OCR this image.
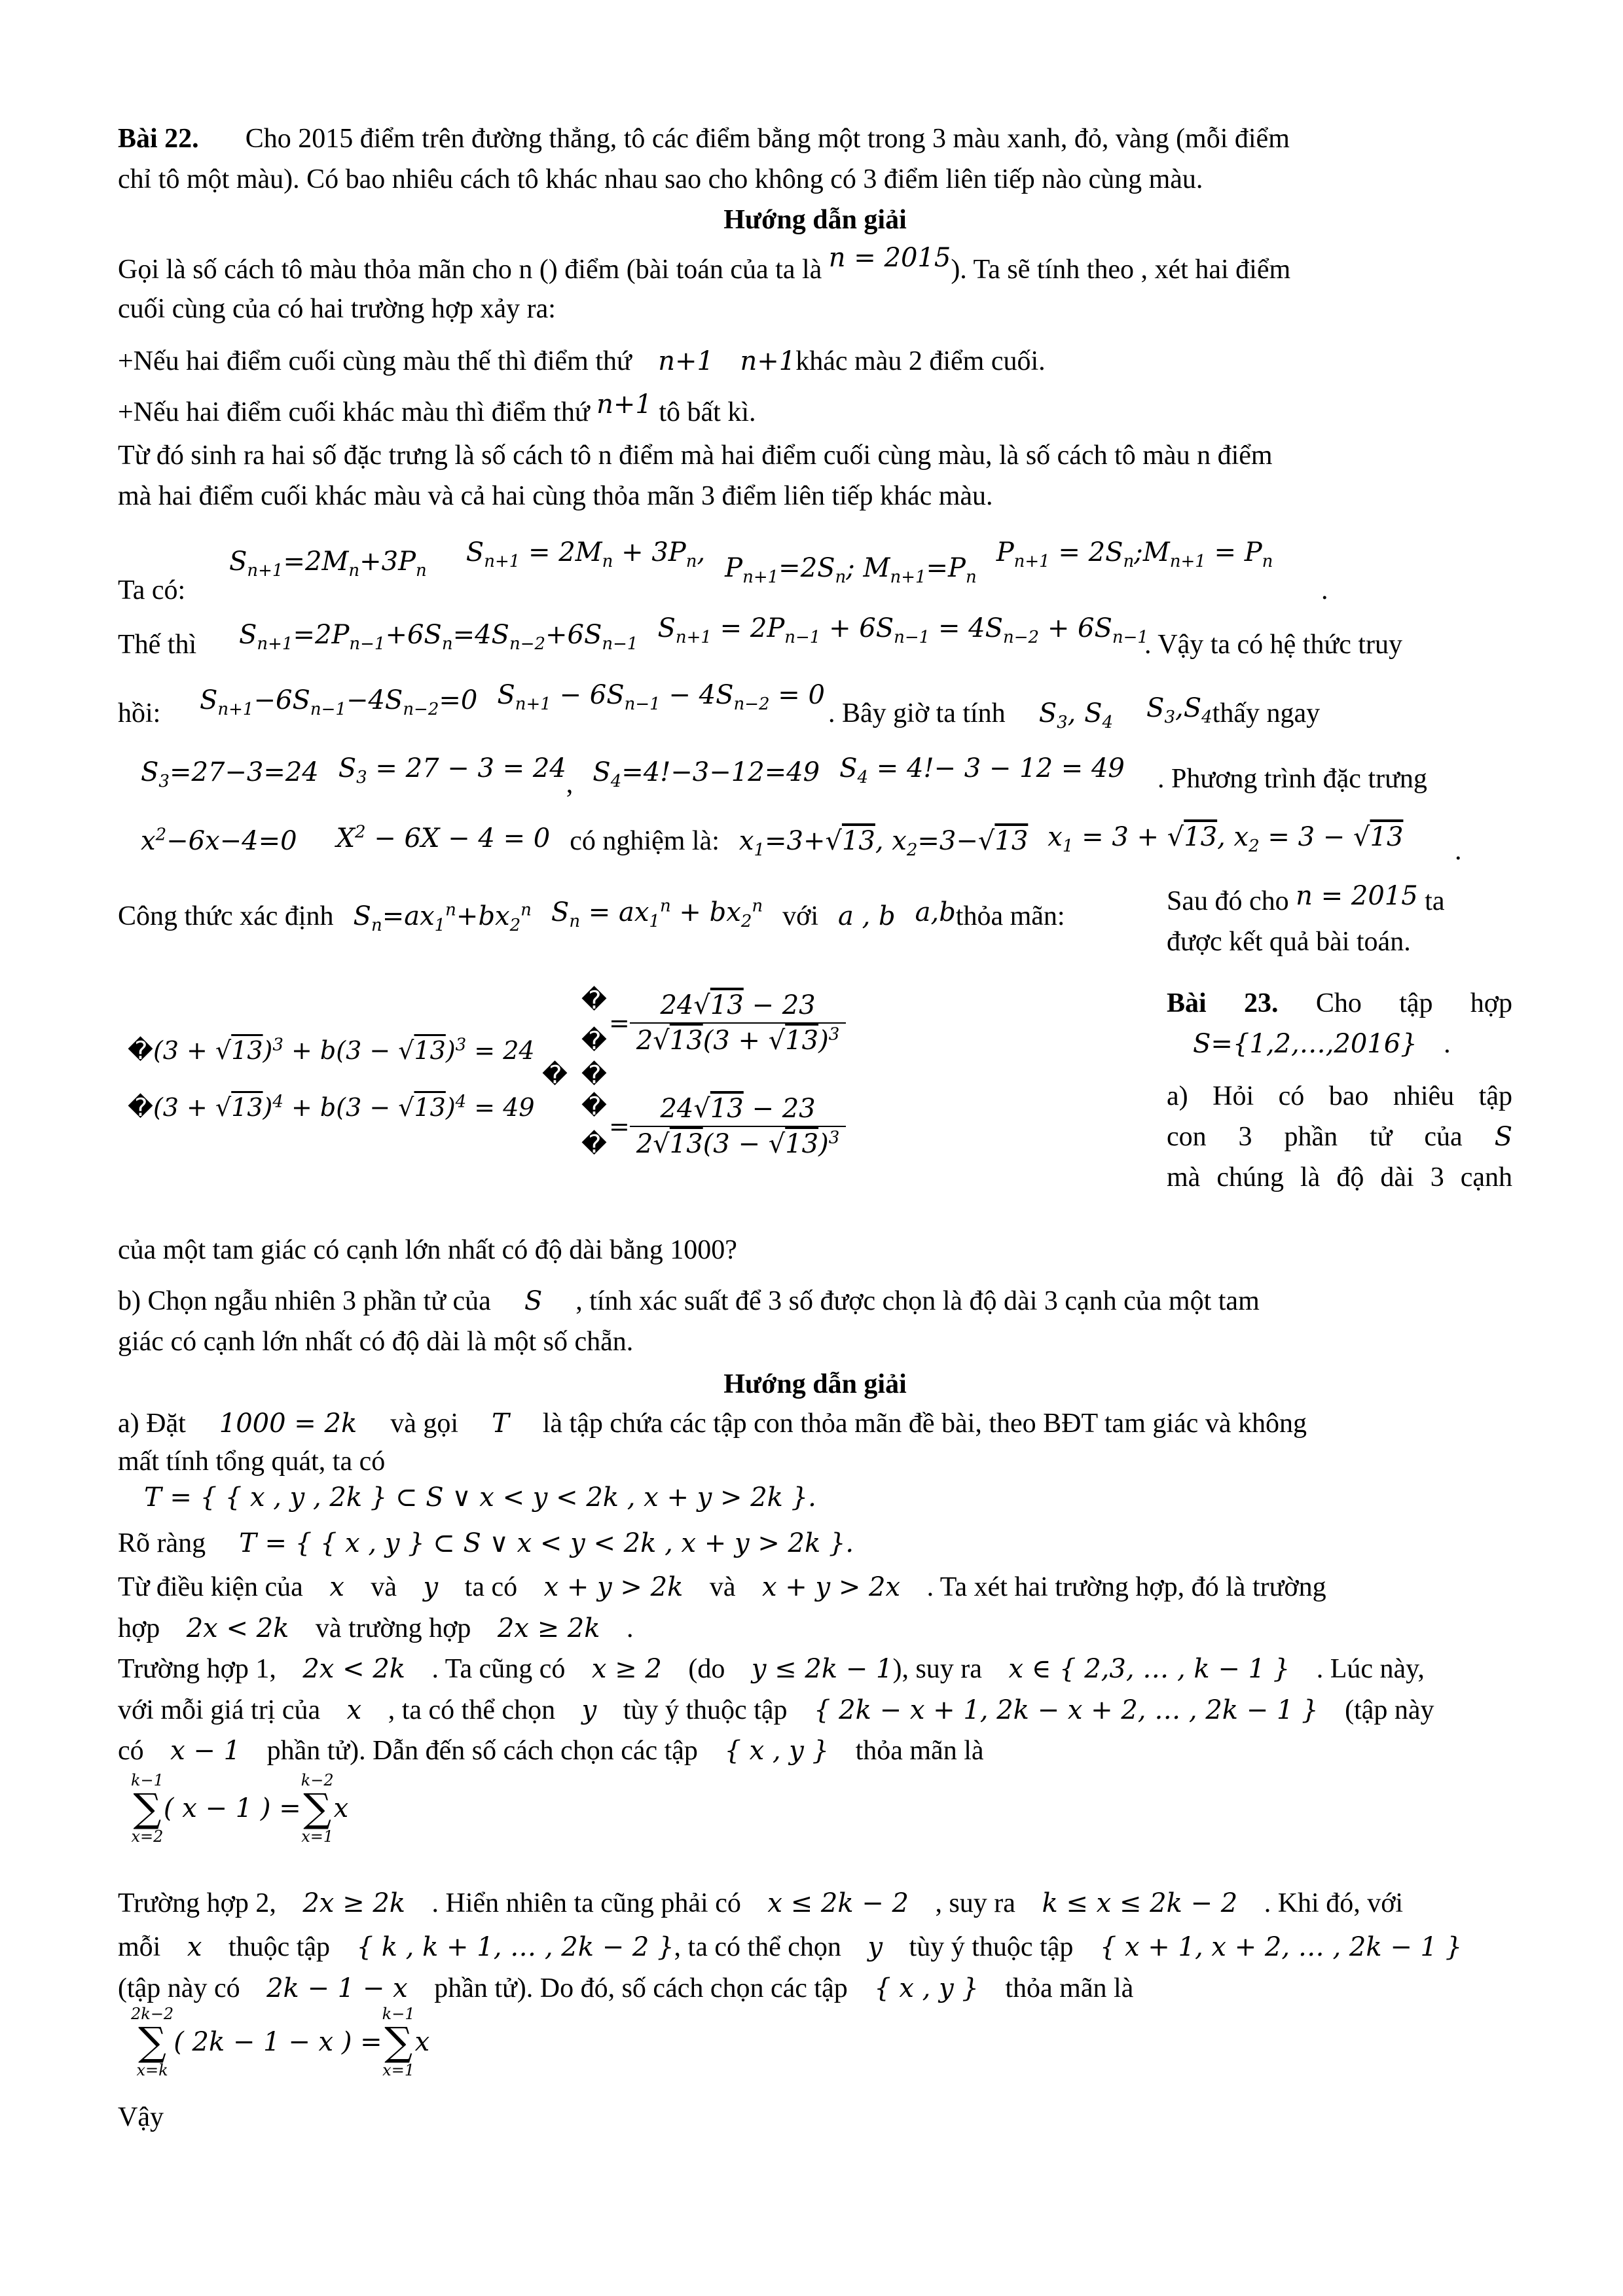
Bài 22. Cho 2015 điểm trên đường thẳng, tô các điểm bằng một trong 3 màu xanh, đỏ, vàng (mỗi điểm
chỉ tô một màu). Có bao nhiêu cách tô khác nhau sao cho không có 3 điểm liên tiếp nào cùng màu.
Hướng dẫn giải
Gọi là số cách tô màu thỏa mãn cho n () điểm (bài toán của ta là n = 2015). Ta sẽ tính theo , xét hai điểm
cuối cùng của có hai trường hợp xảy ra:
+Nếu hai điểm cuối cùng màu thế thì điểm thứ n+1 n+1khác màu 2 điểm cuối.
+Nếu hai điểm cuối khác màu thì điểm thứ n+1 tô bất kì.
Từ đó sinh ra hai số đặc trưng là số cách tô n điểm mà hai điểm cuối cùng màu, là số cách tô màu n điểm
mà hai điểm cuối khác màu và cả hai cùng thỏa mãn 3 điểm liên tiếp khác màu.
Ta có:
$S_{n+1}=2M_n+3P_n$
$S_{n+1} = 2M_n + 3P_n$,
$P_{n+1}=2S_n$; $M_{n+1}=P_n$
$P_{n+1}$ = $2S_n;M_{n+1} = P_n$
.
Thế thì $S_{n+1}=2P_{n-1}+6S_n=4S_{n-2}+6S_{n-1}$
$S_{n+1} = 2P_{n-1} + 6S_{n-1} = 4S_{n-2} + 6S_{n-1}$
. Vậy ta có hệ thức truy
hồi: $S_{n+1}-6S_{n-1}-4S_{n-2}=0$ $S_{n+1} - 6S_{n-1} - 4S_{n-2} = 0$
. Bây giờ ta tính $S_3$, $S_4$ $S_3,S_4thấy$ ngay
$S_3=27-3=24$ $S_3 = 27 - 3 = 24$
, $S_4=4!-3-12=49$ $S_4 = 4!- 3 - 12 = 49$ . Phương trình đặc trưng
$x^2-6x-4=0$ $X^2 - 6X - 4 = 0$ có nghiệm là: $x_1=3+√13$, $x_2=3-√13$ $x_1 = 3 + √13$, $x_2 = 3 - √13$ .
Công thức xác định $S_n=ax_1^n+bx_2^n$ $S_n = ax_1^n + bx_2^n$ với a , b a,b thỏa mãn:
� $(3 + √13)^3 + b(3 - √13)^3 = 24$
� $(3 + √13)^4 + b(3 - √13)^4 = 49$
�
�
�
�
�
�
= $\frac{24√13 - 23}{2√13(3 + √13)^3}$
= $\frac{24√13 - 23}{2√13(3 - √13)^3}$
Sau đó cho n = 2015 ta
được kết quả bài toán.
Bài 23. Cho tập hợp
S={1,2,…,2016} .
a) Hỏi có bao nhiêu tập
con 3 phần tử của S
mà chúng là độ dài 3 cạnh
của một tam giác có cạnh lớn nhất có độ dài bằng 1000?
b) Chọn ngẫu nhiên 3 phần tử của S , tính xác suất để 3 số được chọn là độ dài 3 cạnh của một tam
giác có cạnh lớn nhất có độ dài là một số chẵn.
Hướng dẫn giải
a) Đặt 1000 = 2k và gọi T là tập chứa các tập con thỏa mãn đề bài, theo BĐT tam giác và không
mất tính tổng quát, ta có
T = { { x , y , 2k } ⊂ S ∨ x < y < 2k , x + y > 2k }.
Rõ ràng T = { { x , y } ⊂ S ∨ x < y < 2k , x + y > 2k }.
Từ điều kiện của x và y ta có x + y > 2k và x + y > 2x . Ta xét hai trường hợp, đó là trường
hợp 2x < 2k và trường hợp 2x ≥ 2k .
Trường hợp 1, 2x < 2k . Ta cũng có x ≥ 2 (do y ≤ 2k − 1), suy ra x ∈ { 2,3, … , k − 1 } . Lúc này,
với mỗi giá trị của x , ta có thể chọn y tùy ý thuộc tập { 2k − x + 1, 2k − x + 2, … , 2k − 1 } (tập này
có x − 1 phần tử). Dẫn đến số cách chọn các tập { x , y } thỏa mãn là
k−1
∑
x=2
( x − 1 ) =
k−2
∑
x=1
x
Trường hợp 2, 2x ≥ 2k . Hiển nhiên ta cũng phải có x ≤ 2k − 2 , suy ra k ≤ x ≤ 2k − 2 . Khi đó, với
mỗi x thuộc tập { k , k + 1, … , 2k − 2 }, ta có thể chọn y tùy ý thuộc tập { x + 1, x + 2, … , 2k − 1 }
(tập này có 2k − 1 − x phần tử). Do đó, số cách chọn các tập { x , y } thỏa mãn là
2k−2
∑
x=k
( 2k − 1 − x ) =
k−1
∑
x=1
x
Vậy
S n+1 = 2 M n + 3 P n S n+1 = 2M n + 3P n , P n+1 = 2 S n ; M n+1 = P n P n+1 = 2S n ;M n+1 = P n S n+1 = 2 P n−1 + 6 S n = 4 S n−2 + 6 S n−1 S n+1 = 2P n−1 + 6S n−1 = 4S n−2 + 6S n−1 S n+1 − 6 S n−1 − 4 S n−2 = 0 S n+1 − 6S n−1 − 4S n−2 = 0 S 3 , S 4 S 3 ,S 4 S 3 = 27 − 3 = 24 S 3 = 27 − 3 = 24 S 4 = 4! − 3 − 12 = 49 S 4 = 4!− 3 − 12 = 49 x² − 6 x − 4 = 0 X² − 6X − 4 = 0 x 1 = 3 + √13 , x 2 = 3 − √13 x 1 = 3 + √13 , x 2 = 3 − √13 S n = a x 1 n + b x 2 n S n = ax 1 n + bx 2 n (3 + √13)³ + b(3 − √13)³ = 24 (3 + √13)⁴ + b(3 − √13)⁴ = 49 24√13 − 23 2√13(3 + √13)³ 24√13 − 23 2√13(3 − √13)³ S = { 1,2, … , 2016 }
